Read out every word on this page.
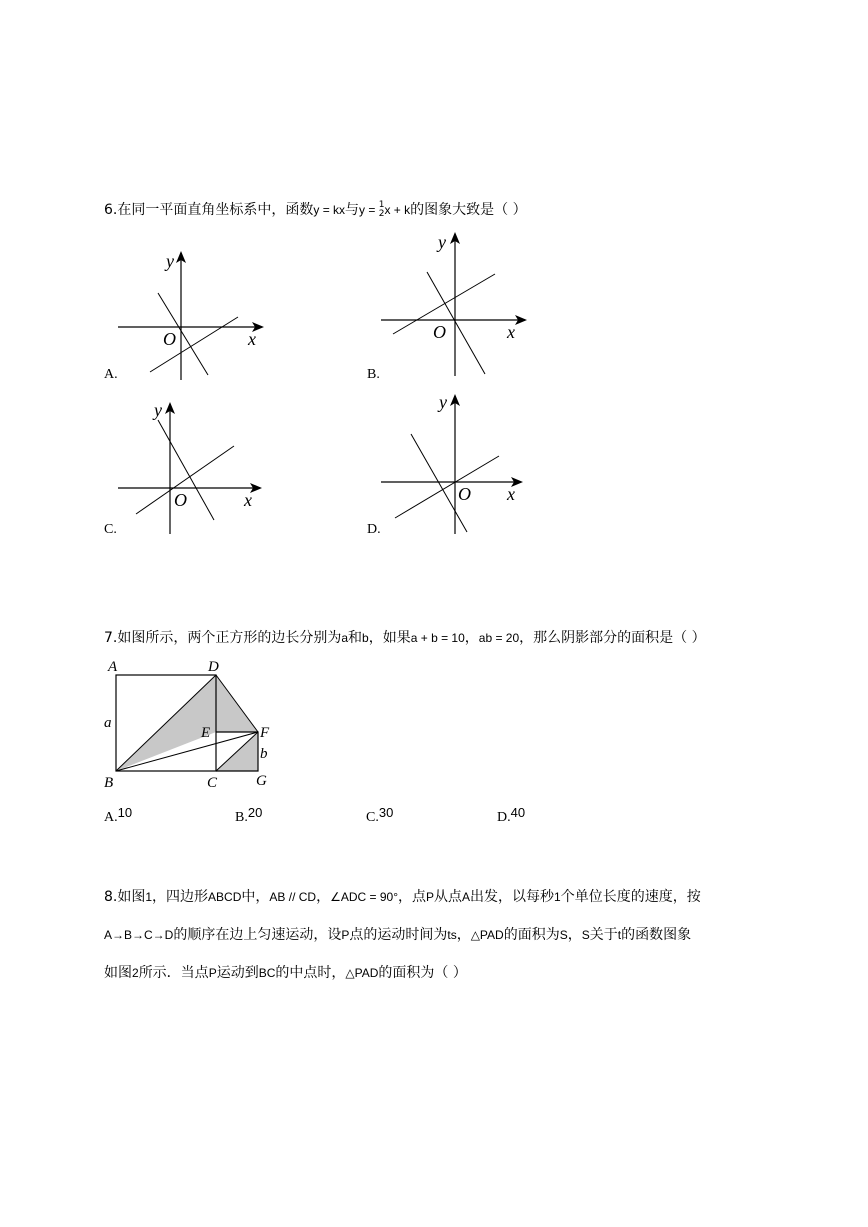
6.在同一平面直角坐标系中，函数y = kx与y = 1
2 x + k的图象大致是（ ）
y
O	x
A.
y
O	x
B.
y
O	x
C.
y
O x
D.
7.如图所示，两个正方形的边长分别为a和b，如果a + b = 10，ab = 20，那么阴影部分的面积是（ ）
A	D
a
E	F
b
B	C	G
A.10	B.20	C.30	D.40
8.如图1，四边形ABCD中，AB // CD，∠ADC = 90°，点P从点A出发，以每秒1个单位长度的速度，按
A→B→C→D的顺序在边上匀速运动，设P点的运动时间为ts，△PAD的面积为S，S关于t的函数图象
如图2所示．当点P运动到BC的中点时，△PAD的面积为（ ）
